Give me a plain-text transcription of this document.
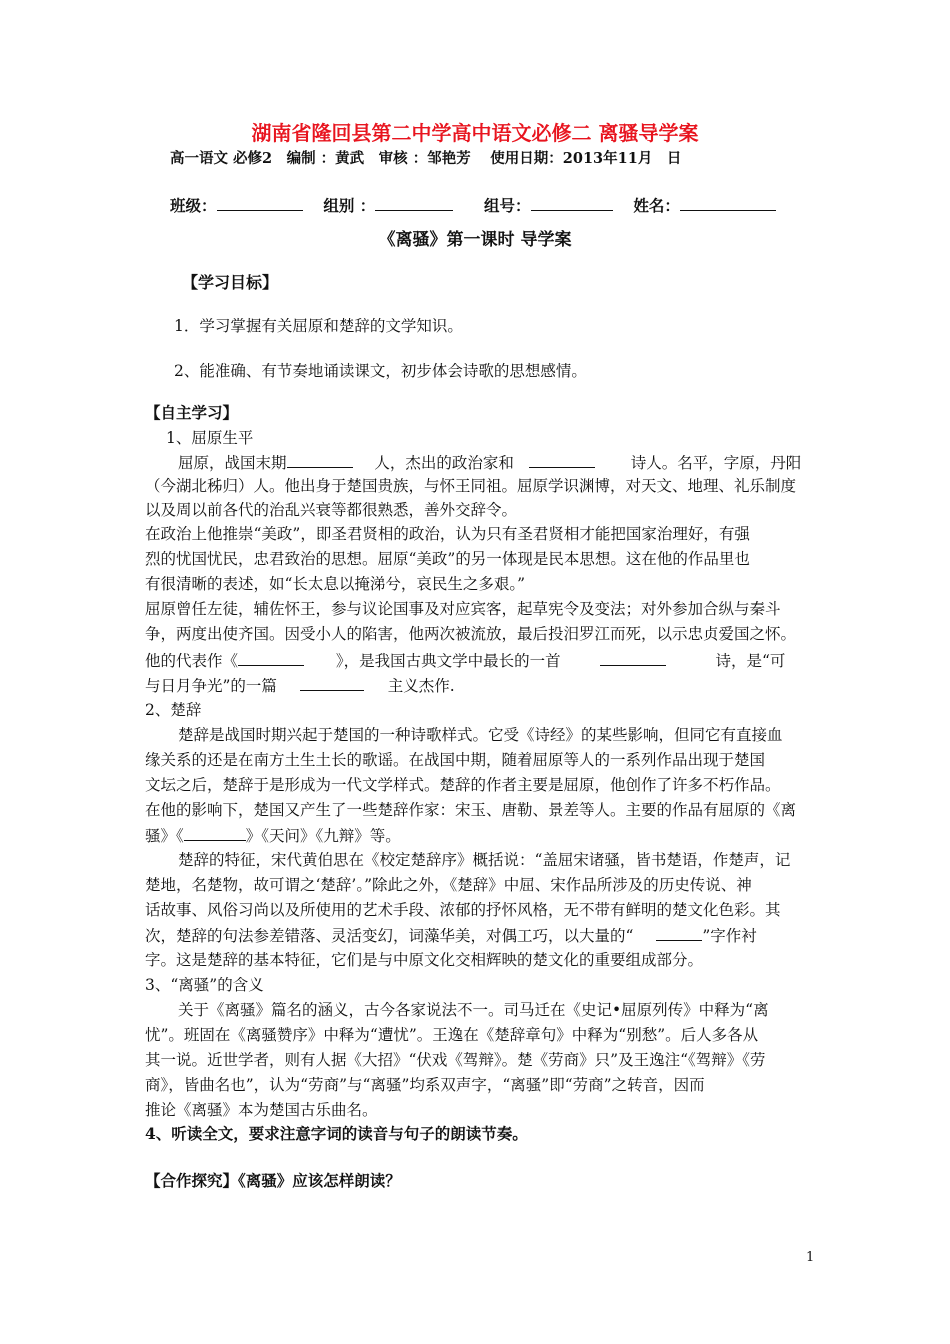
湖南省隆回县第二中学高中语文必修二 离骚导学案
高一语文 必修2　编制 ：黄武　审核 ：邹艳芳　 使用日期：2013年11月　日
班级：	组别 ：	组号：	姓名：
《离骚》第一课时 导学案
【学习目标】
1．学习掌握有关屈原和楚辞的文学知识。
2、能准确、有节奏地诵读课文，初步体会诗歌的思想感情。
【自主学习】
1、屈原生平
屈原，战国末期	人，杰出的政治家和	诗人。名平，字原，丹阳
（今湖北秭归）人。他出身于楚国贵族，与怀王同祖。屈原学识渊博，对天文、地理、礼乐制度
以及周以前各代的治乱兴衰等都很熟悉，善外交辞令。
在政治上他推崇“美政”，即圣君贤相的政治，认为只有圣君贤相才能把国家治理好，有强
烈的忧国忧民，忠君致治的思想。屈原“美政”的另一体现是民本思想。这在他的作品里也
有很清晰的表述，如“长太息以掩涕兮，哀民生之多艰。”
屈原曾任左徒，辅佐怀王，参与议论国事及对应宾客，起草宪令及变法；对外参加合纵与秦斗
争，两度出使齐国。因受小人的陷害，他两次被流放，最后投汨罗江而死，以示忠贞爱国之怀。
他的代表作《	》，是我国古典文学中最长的一首	诗，是“可
与日月争光”的一篇	主义杰作.
2、楚辞
楚辞是战国时期兴起于楚国的一种诗歌样式。它受《诗经》的某些影响，但同它有直接血
缘关系的还是在南方土生土长的歌谣。在战国中期，随着屈原等人的一系列作品出现于楚国
文坛之后，楚辞于是形成为一代文学样式。楚辞的作者主要是屈原，他创作了许多不朽作品。
在他的影响下，楚国又产生了一些楚辞作家：宋玉、唐勒、景差等人。主要的作品有屈原的《离
骚》《	》《天问》《九辩》等。
楚辞的特征，宋代黄伯思在《校定楚辞序》概括说：“盖屈宋诸骚，皆书楚语，作楚声，记
楚地，名楚物，故可谓之‘楚辞’。”除此之外，《楚辞》中屈、宋作品所涉及的历史传说、神
话故事、风俗习尚以及所使用的艺术手段、浓郁的抒怀风格，无不带有鲜明的楚文化色彩。其
次，楚辞的句法参差错落、灵活变幻，词藻华美，对偶工巧，以大量的“	”字作衬
字。这是楚辞的基本特征，它们是与中原文化交相辉映的楚文化的重要组成部分。
3、“离骚”的含义
关于《离骚》篇名的涵义，古今各家说法不一。司马迁在《史记•屈原列传》中释为“离
忧”。班固在《离骚赞序》中释为“遭忧”。王逸在《楚辞章句》中释为“别愁”。后人多各从
其一说。近世学者，则有人据《大招》“伏戏《驾辩》。楚《劳商》只”及王逸注“《驾辩》《劳
商》，皆曲名也”，认为“劳商”与“离骚”均系双声字，“离骚”即“劳商”之转音，因而
推论《离骚》本为楚国古乐曲名。
4、听读全文，要求注意字词的读音与句子的朗读节奏。
【合作探究】《离骚》应该怎样朗读？
1
